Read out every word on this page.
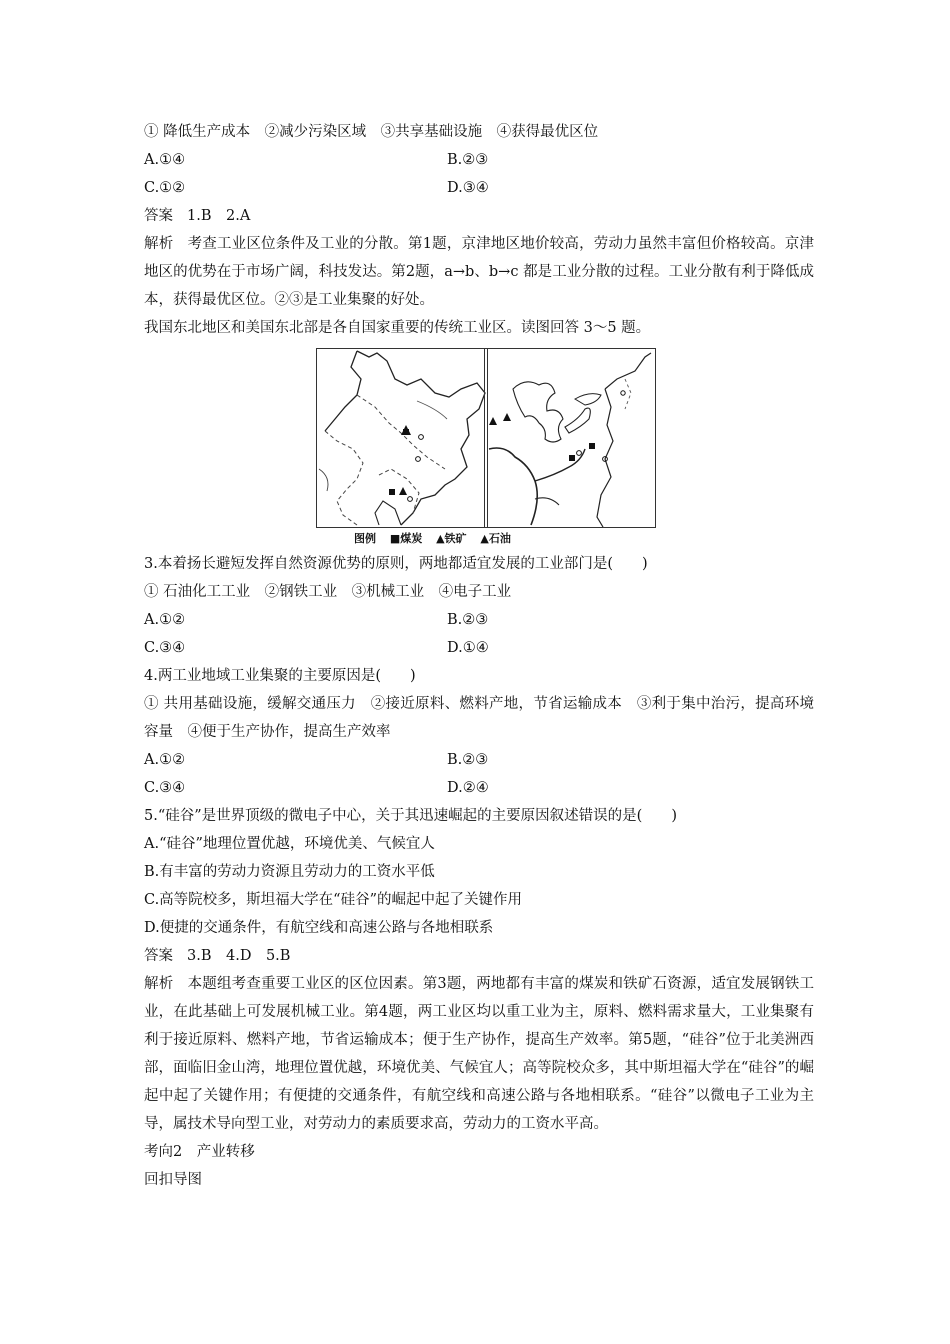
① 降低生产成本　②减少污染区域　③共享基础设施　④获得最优区位
A.①④	B.②③
C.①②	D.③④
答案 1.B　2.A
解析 考查工业区位条件及工业的分散。第1题，京津地区地价较高，劳动力虽然丰富但价格较高。京津地区的优势在于市场广阔，科技发达。第2题，a→b、b→c 都是工业分散的过程。工业分散有利于降低成本，获得最优区位。②③是工业集聚的好处。
我国东北地区和美国东北部是各自国家重要的传统工业区。读图回答 3～5 题。
图例 ■煤炭 ▲铁矿 ▲石油
3.本着扬长避短发挥自然资源优势的原则，两地都适宜发展的工业部门是(　　)
① 石油化工工业　②钢铁工业　③机械工业　④电子工业
A.①②	B.②③
C.③④	D.①④
4.两工业地域工业集聚的主要原因是(　　)
① 共用基础设施，缓解交通压力　②接近原料、燃料产地，节省运输成本　③利于集中治污，提高环境容量　④便于生产协作，提高生产效率
A.①②	B.②③
C.③④	D.②④
5.“硅谷”是世界顶级的微电子中心，关于其迅速崛起的主要原因叙述错误的是(　　)
A.“硅谷”地理位置优越，环境优美、气候宜人
B.有丰富的劳动力资源且劳动力的工资水平低
C.高等院校多，斯坦福大学在“硅谷”的崛起中起了关键作用
D.便捷的交通条件，有航空线和高速公路与各地相联系
答案 3.B　4.D　5.B
解析 本题组考查重要工业区的区位因素。第3题，两地都有丰富的煤炭和铁矿石资源，适宜发展钢铁工业，在此基础上可发展机械工业。第4题，两工业区均以重工业为主，原料、燃料需求量大，工业集聚有利于接近原料、燃料产地，节省运输成本；便于生产协作，提高生产效率。第5题，“硅谷”位于北美洲西部，面临旧金山湾，地理位置优越，环境优美、气候宜人；高等院校众多，其中斯坦福大学在“硅谷”的崛起中起了关键作用；有便捷的交通条件，有航空线和高速公路与各地相联系。“硅谷”以微电子工业为主导，属技术导向型工业，对劳动力的素质要求高，劳动力的工资水平高。
考向2　产业转移
回扣导图
